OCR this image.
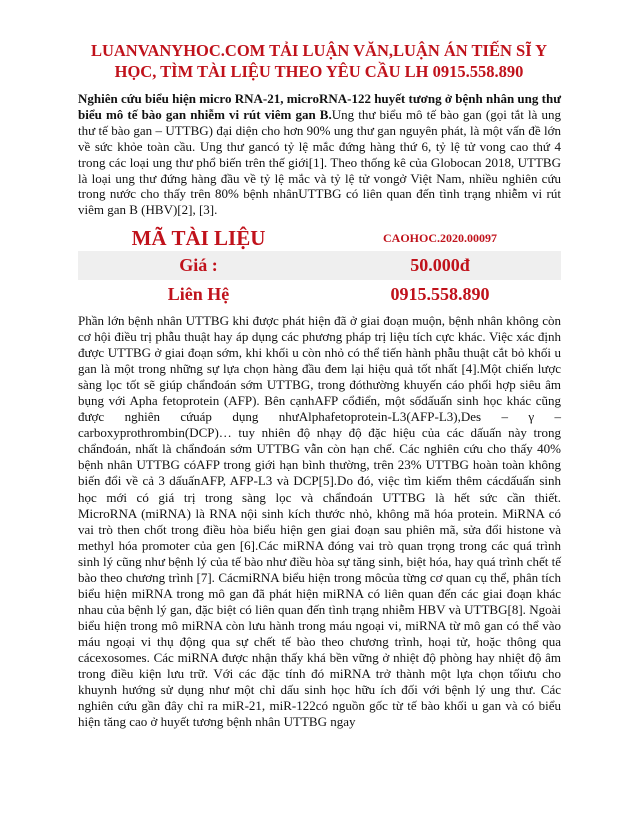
LUANVANYHOC.COM TẢI LUẬN VĂN,LUẬN ÁN TIẾN SĨ Y
HỌC, TÌM TÀI LIỆU THEO YÊU CẦU LH 0915.558.890
Nghiên cứu biểu hiện micro RNA-21, microRNA-122 huyết tương ở bệnh nhân ung thư biểu mô tế bào gan nhiễm vi rút viêm gan B.Ung thư biểu mô tế bào gan (gọi tắt là ung thư tế bào gan – UTTBG) đại diện cho hơn 90% ung thư gan nguyên phát, là một vấn đề lớn về sức khỏe toàn cầu. Ung thư gancó tỷ lệ mắc đứng hàng thứ 6, tỷ lệ tử vong cao thứ 4 trong các loại ung thư phổ biến trên thế giới[1]. Theo thống kê của Globocan 2018, UTTBG là loại ung thư đứng hàng đầu về tỷ lệ mắc và tỷ lệ tử vongở Việt Nam, nhiều nghiên cứu trong nước cho thấy trên 80% bệnh nhânUTTBG có liên quan đến tình trạng nhiễm vi rút viêm gan B (HBV)[2], [3].
MÃ TÀI LIỆU	CAOHOC.2020.00097
Giá :	50.000đ
Liên Hệ	0915.558.890

Phần lớn bệnh nhân UTTBG khi được phát hiện đã ở giai đoạn muộn, bệnh nhân không còn cơ hội điều trị phẫu thuật hay áp dụng các phương pháp trị liệu tích cực khác. Việc xác định được UTTBG ở giai đoạn sớm, khi khối u còn nhỏ có thể tiến hành phẫu thuật cắt bỏ khối u gan là một trong những sự lựa chọn hàng đầu đem lại hiệu quả tốt nhất [4].Một chiến lược sàng lọc tốt sẽ giúp chẩnđoán sớm UTTBG, trong đóthường khuyến cáo phối hợp siêu âm bụng với Apha fetoprotein (AFP). Bên cạnhAFP cổđiển, một sốdấuấn sinh học khác cũng được nghiên cứuáp dụng nhưAlphafetoprotein-L3(AFP-L3),Des – γ – carboxyprothrombin(DCP)… tuy nhiên độ nhạy độ đặc hiệu của các dấuấn này trong chẩnđoán, nhất là chẩnđoán sớm UTTBG vẫn còn hạn chế. Các nghiên cứu cho thấy 40% bệnh nhân UTTBG cóAFP trong giới hạn bình thường, trên 23% UTTBG hoàn toàn không biến đổi về cả 3 dấuấnAFP, AFP-L3 và DCP[5].Do đó, việc tìm kiếm thêm cácdấuấn sinh học mới có giá trị trong sàng lọc và chẩnđoán UTTBG là hết sức cần thiết.

MicroRNA (miRNA) là RNA nội sinh kích thước nhỏ, không mã hóa protein. MiRNA có vai trò then chốt trong điều hòa biểu hiện gen giai đoạn sau phiên mã, sửa đổi histone và methyl hóa promoter của gen [6].Các miRNA đóng vai trò quan trọng trong các quá trình sinh lý cũng như bệnh lý của tế bào như điều hòa sự tăng sinh, biệt hóa, hay quá trình chết tế bào theo chương trình [7]. CácmiRNA biểu hiện trong môcủa từng cơ quan cụ thể, phân tích biểu hiện miRNA trong mô gan đã phát hiện miRNA có liên quan đến các giai đoạn khác nhau của bệnh lý gan, đặc biệt có liên quan đến tình trạng nhiễm HBV và UTTBG[8]. Ngoài biểu hiện trong mô miRNA còn lưu hành trong máu ngoại vi, miRNA từ mô gan có thể vào máu ngoại vi thụ động qua sự chết tế bào theo chương trình, hoại tử, hoặc thông qua cácexosomes. Các miRNA được nhận thấy khá bền vững ở nhiệt độ phòng hay nhiệt độ âm trong điều kiện lưu trữ. Với các đặc tính đó miRNA trở thành một lựa chọn tốiưu cho khuynh hướng sử dụng như một chỉ dấu sinh học hữu ích đối với bệnh lý ung thư. Các nghiên cứu gần đây chỉ ra miR-21, miR-122có nguồn gốc từ tế bào khối u gan và có biểu hiện tăng cao ở huyết tương bệnh nhân UTTBG ngay
